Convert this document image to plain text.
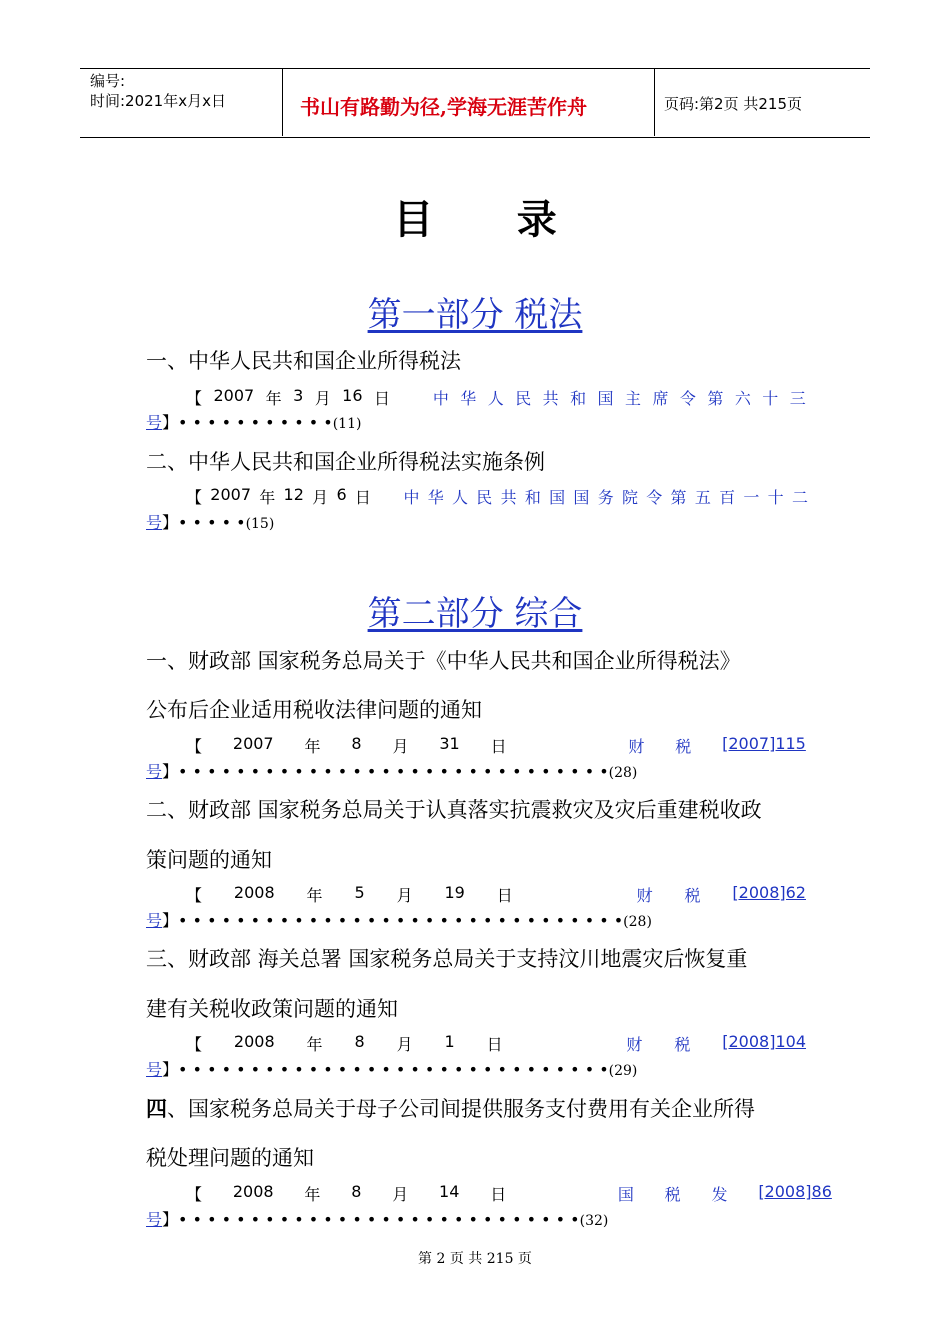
编号:
时间:2021年x月x日	书山有路勤为径,学海无涯苦作舟	页码:第2页 共215页
目      录
第一部分 税法
一、中华人民共和国企业所得税法
【 2007 年 3 月 16 日	中 华 人 民 共 和 国 主 席 令 第 六 十 三
号】• • • • • • • • • • •(11)
二、中华人民共和国企业所得税法实施条例
【 2007 年 12 月 6 日 中 华 人 民 共 和 国 国 务 院 令 第 五 百 一 十 二
号】• • • • •(15)
第二部分 综合
一、财政部 国家税务总局关于《中华人民共和国企业所得税法》
公布后企业适用税收法律问题的通知
【 2007 年 8 月 31 日	财 税 [2007]115
号】• • • • • • • • • • • • • • • • • • • • • • • • • • • • • •(28)
二、财政部 国家税务总局关于认真落实抗震救灾及灾后重建税收政
策问题的通知
【 2008 年 5 月 19 日	财 税 [2008]62
号】• • • • • • • • • • • • • • • • • • • • • • • • • • • • • • •(28)
三、财政部 海关总署 国家税务总局关于支持汶川地震灾后恢复重
建有关税收政策问题的通知
【 2008 年 8 月 1 日	财 税 [2008]104
号】• • • • • • • • • • • • • • • • • • • • • • • • • • • • • •(29)
四、国家税务总局关于母子公司间提供服务支付费用有关企业所得
税处理问题的通知
【 2008 年 8 月 14 日	国 税 发 [2008]86
号】• • • • • • • • • • • • • • • • • • • • • • • • • • • •(32)
第 2 页 共 215 页
